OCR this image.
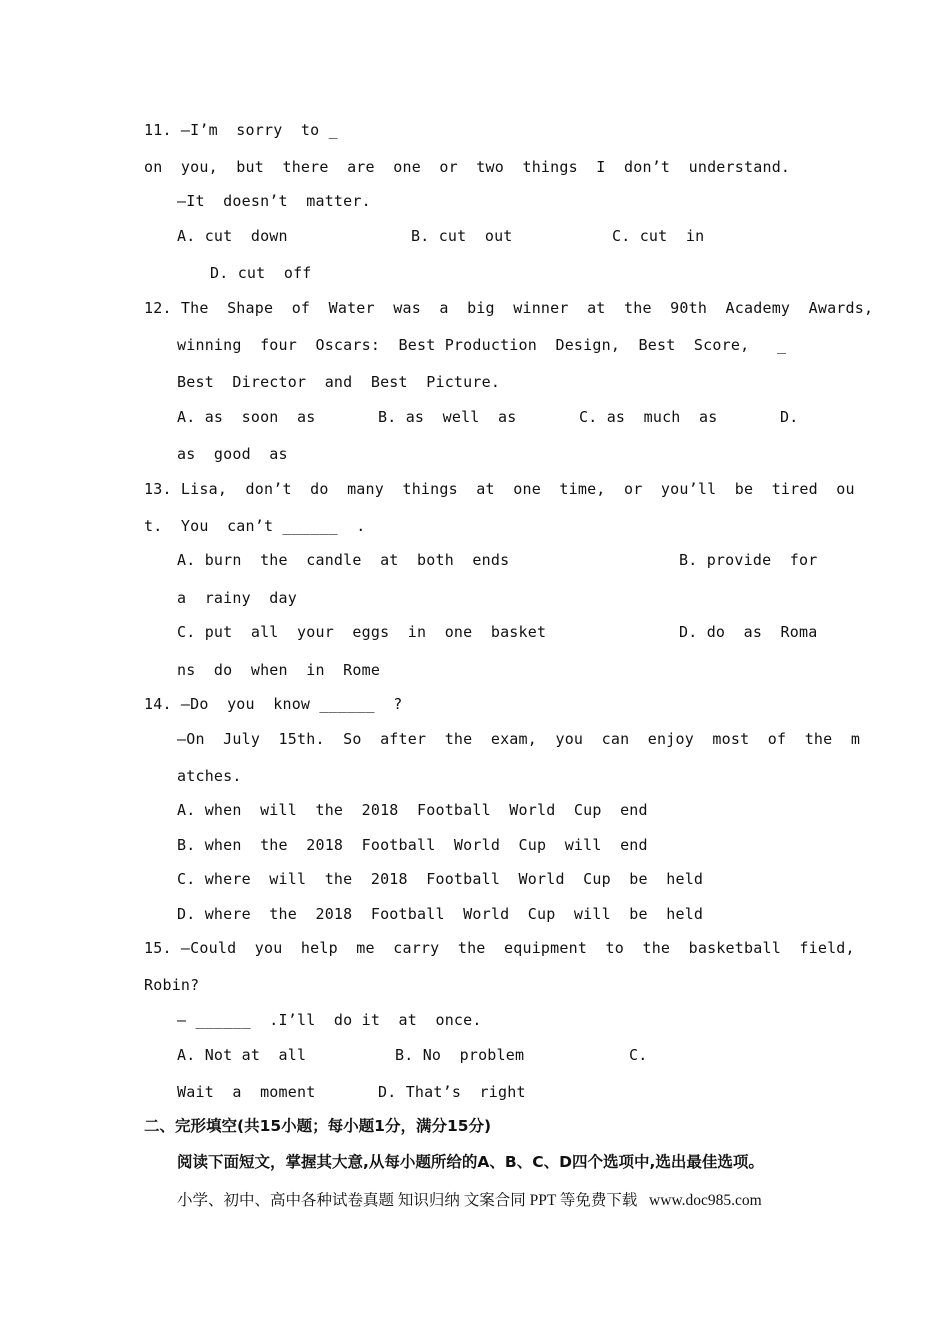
11. —I’m  sorry  to _
on  you,  but  there  are  one  or  two  things  I  don’t  understand.
—It  doesn’t  matter.
A. cut  down	B. cut  out	C. cut  in
D. cut  off
12. The  Shape  of  Water  was  a  big  winner  at  the  90th  Academy  Awards,
winning  four  Oscars:  Best Production  Design,  Best  Score,   _
Best  Director  and  Best  Picture.
A. as  soon  as	B. as  well  as	C. as  much  as	D.
as  good  as
13. Lisa,  don’t  do  many  things  at  one  time,  or  you’ll  be  tired  ou
t.  You  can’t ______  .
A. burn  the  candle  at  both  ends	B. provide  for
a  rainy  day
C. put  all  your  eggs  in  one  basket	D. do  as  Roma
ns  do  when  in  Rome
14. —Do  you  know ______  ?
—On  July  15th.  So  after  the  exam,  you  can  enjoy  most  of  the  m
atches.
A. when  will  the  2018  Football  World  Cup  end
B. when  the  2018  Football  World  Cup  will  end
C. where  will  the  2018  Football  World  Cup  be  held
D. where  the  2018  Football  World  Cup  will  be  held
15. —Could  you  help  me  carry  the  equipment  to  the  basketball  field,
Robin?
— ______  .I’ll  do it  at  once.
A. Not at  all	B. No  problem	C.
Wait  a  moment	D. That’s  right
二、完形填空(共15小题；每小题1分，满分15分)
阅读下面短文，掌握其大意,从每小题所给的A、B、C、D四个选项中,选出最佳选项。
小学、初中、高中各种试卷真题 知识归纳 文案合同 PPT 等免费下载   www.doc985.com
